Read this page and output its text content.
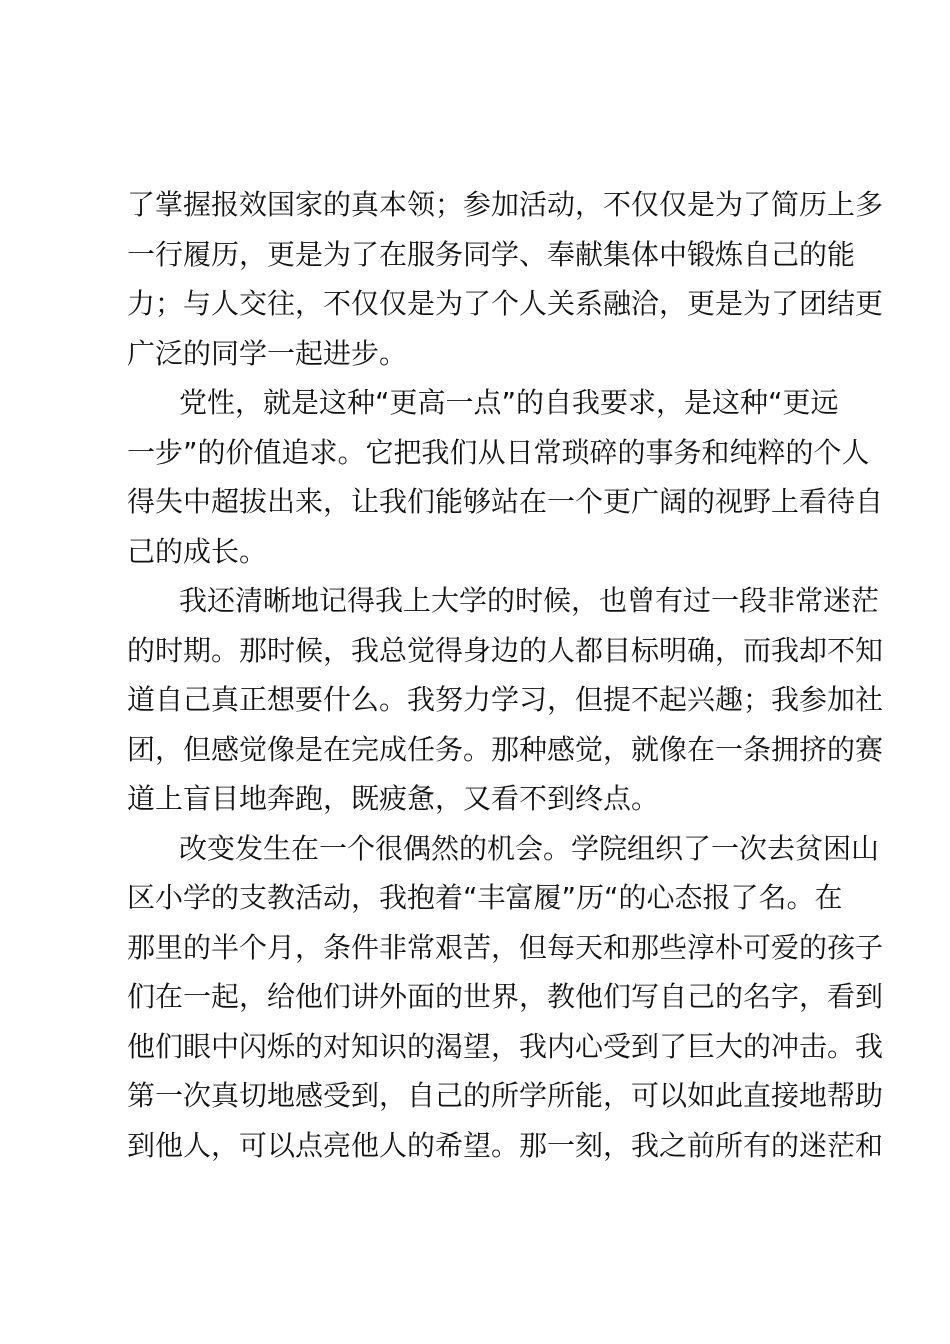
了掌握报效国家的真本领；参加活动，不仅仅是为了简历上多
一行履历，更是为了在服务同学、奉献集体中锻炼自己的能
力；与人交往，不仅仅是为了个人关系融洽，更是为了团结更
广泛的同学一起进步。
党性，就是这种“更高一点”的自我要求，是这种“更远
一步”的价值追求。它把我们从日常琐碎的事务和纯粹的个人
得失中超拔出来，让我们能够站在一个更广阔的视野上看待自
己的成长。
我还清晰地记得我上大学的时候，也曾有过一段非常迷茫
的时期。那时候，我总觉得身边的人都目标明确，而我却不知
道自己真正想要什么。我努力学习，但提不起兴趣；我参加社
团，但感觉像是在完成任务。那种感觉，就像在一条拥挤的赛
道上盲目地奔跑，既疲惫，又看不到终点。
改变发生在一个很偶然的机会。学院组织了一次去贫困山
区小学的支教活动，我抱着“丰富履”历“的心态报了名。在
那里的半个月，条件非常艰苦，但每天和那些淳朴可爱的孩子
们在一起，给他们讲外面的世界，教他们写自己的名字，看到
他们眼中闪烁的对知识的渴望，我内心受到了巨大的冲击。我
第一次真切地感受到，自己的所学所能，可以如此直接地帮助
到他人，可以点亮他人的希望。那一刻，我之前所有的迷茫和
